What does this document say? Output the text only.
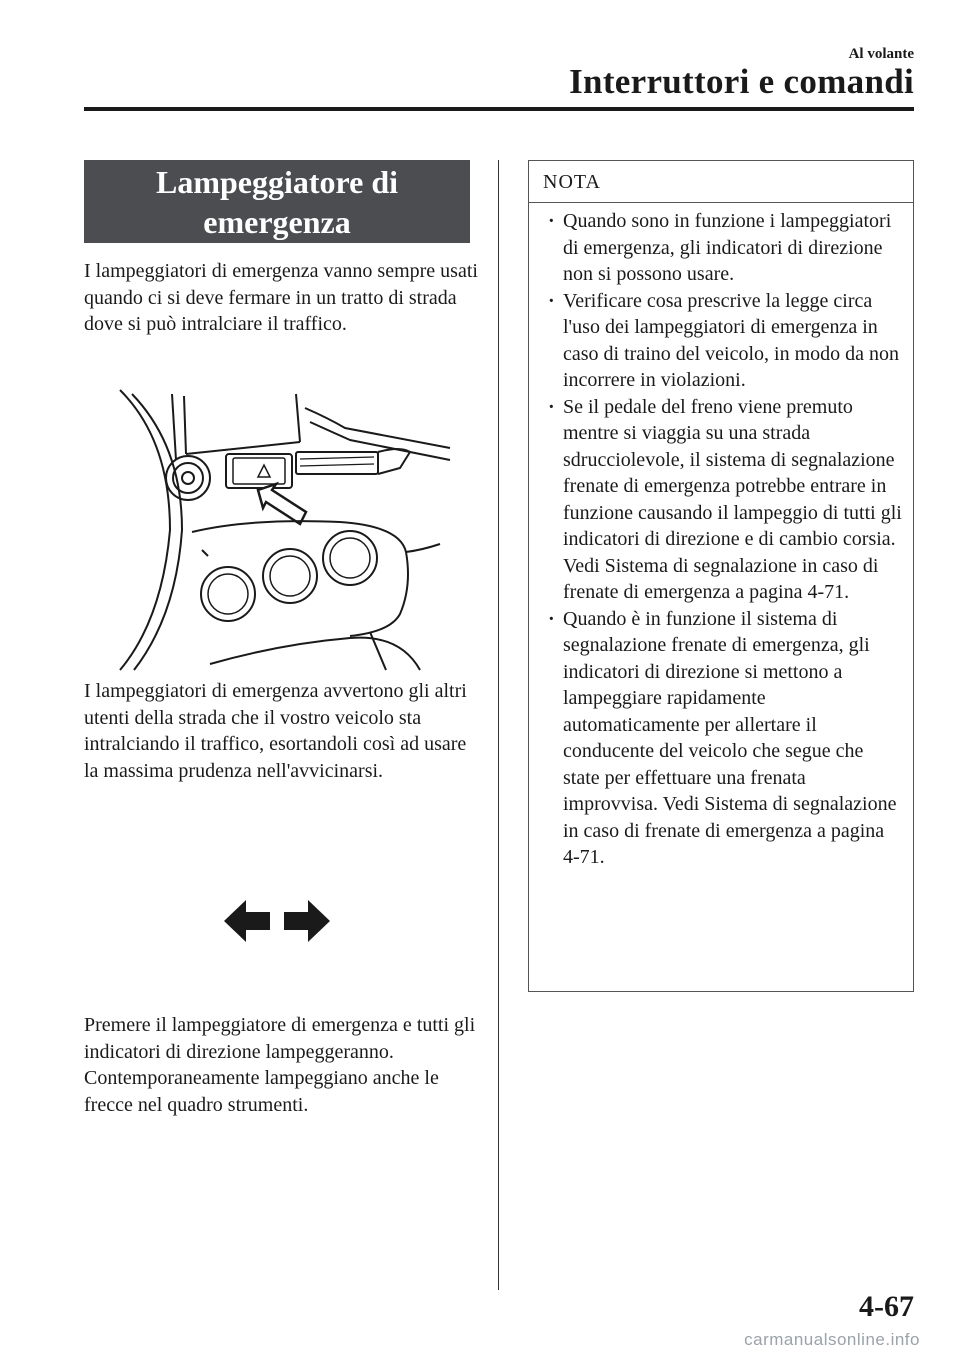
Al volante
Interruttori e comandi
Lampeggiatore di
emergenza

I lampeggiatori di emergenza vanno sempre usati quando ci si deve fermare in un tratto di strada dove si può intralciare il traffico.

I lampeggiatori di emergenza avvertono gli altri utenti della strada che il vostro veicolo sta intralciando il traffico, esortandoli così ad usare la massima prudenza nell'avvicinarsi.

Premere il lampeggiatore di emergenza e tutti gli indicatori di direzione lampeggeranno. Contemporaneamente lampeggiano anche le frecce nel quadro strumenti.

NOTA
· Quando sono in funzione i lampeggiatori di emergenza, gli indicatori di direzione non si possono usare.
· Verificare cosa prescrive la legge circa l'uso dei lampeggiatori di emergenza in caso di traino del veicolo, in modo da non incorrere in violazioni.
· Se il pedale del freno viene premuto mentre si viaggia su una strada sdrucciolevole, il sistema di segnalazione frenate di emergenza potrebbe entrare in funzione causando il lampeggio di tutti gli indicatori di direzione e di cambio corsia. Vedi Sistema di segnalazione in caso di frenate di emergenza a pagina 4-71.
· Quando è in funzione il sistema di segnalazione frenate di emergenza, gli indicatori di direzione si mettono a lampeggiare rapidamente automaticamente per allertare il conducente del veicolo che segue che state per effettuare una frenata improvvisa. Vedi Sistema di segnalazione in caso di frenate di emergenza a pagina 4-71.
4-67
carmanualsonline.info
